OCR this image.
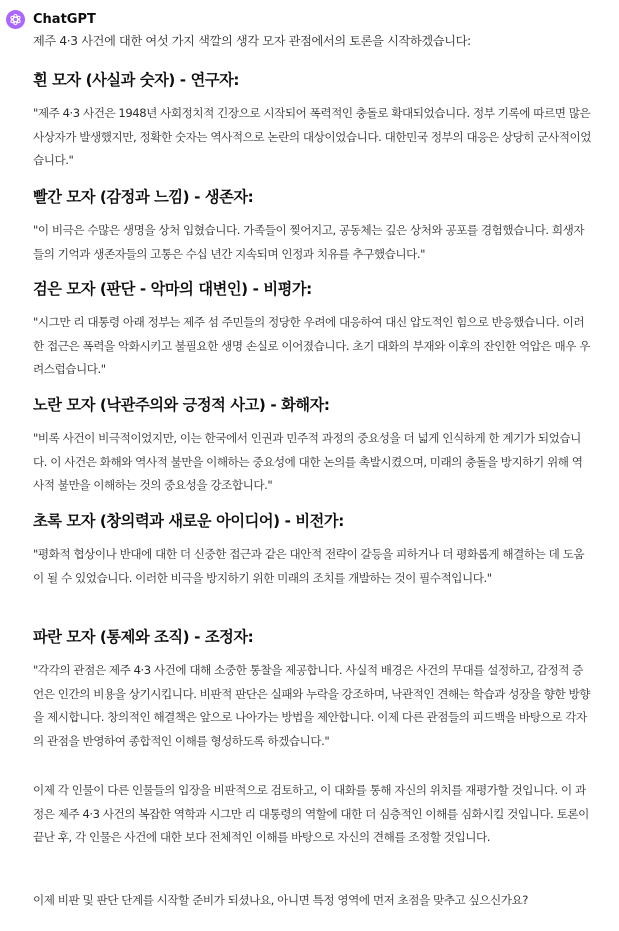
ChatGPT

제주 4·3 사건에 대한 여섯 가지 색깔의 생각 모자 관점에서의 토론을 시작하겠습니다:

흰 모자 (사실과 숫자) - 연구자:

"제주 4·3 사건은 1948년 사회정치적 긴장으로 시작되어 폭력적인 충돌로 확대되었습니다. 정부 기록에 따르면 많은 사상자가 발생했지만, 정확한 숫자는 역사적으로 논란의 대상이었습니다. 대한민국 정부의 대응은 상당히 군사적이었습니다."

빨간 모자 (감정과 느낌) - 생존자:

"이 비극은 수많은 생명을 상처 입혔습니다. 가족들이 찢어지고, 공동체는 깊은 상처와 공포를 경험했습니다. 희생자들의 기억과 생존자들의 고통은 수십 년간 지속되며 인정과 치유를 추구했습니다."

검은 모자 (판단 - 악마의 대변인) - 비평가:

"시그만 리 대통령 아래 정부는 제주 섬 주민들의 정당한 우려에 대응하여 대신 압도적인 힘으로 반응했습니다. 이러한 접근은 폭력을 악화시키고 불필요한 생명 손실로 이어졌습니다. 초기 대화의 부재와 이후의 잔인한 억압은 매우 우려스럽습니다."

노란 모자 (낙관주의와 긍정적 사고) - 화해자:

"비록 사건이 비극적이었지만, 이는 한국에서 인권과 민주적 과정의 중요성을 더 넓게 인식하게 한 계기가 되었습니다. 이 사건은 화해와 역사적 불만을 이해하는 중요성에 대한 논의를 촉발시켰으며, 미래의 충돌을 방지하기 위해 역사적 불만을 이해하는 것의 중요성을 강조합니다."

초록 모자 (창의력과 새로운 아이디어) - 비전가:

"평화적 협상이나 반대에 대한 더 신중한 접근과 같은 대안적 전략이 갈등을 피하거나 더 평화롭게 해결하는 데 도움이 될 수 있었습니다. 이러한 비극을 방지하기 위한 미래의 조치를 개발하는 것이 필수적입니다."

파란 모자 (통제와 조직) - 조정자:

"각각의 관점은 제주 4·3 사건에 대해 소중한 통찰을 제공합니다. 사실적 배경은 사건의 무대를 설정하고, 감정적 증언은 인간의 비용을 상기시킵니다. 비판적 판단은 실패와 누락을 강조하며, 낙관적인 견해는 학습과 성장을 향한 방향을 제시합니다. 창의적인 해결책은 앞으로 나아가는 방법을 제안합니다. 이제 다른 관점들의 피드백을 바탕으로 각자의 관점을 반영하여 종합적인 이해를 형성하도록 하겠습니다."

이제 각 인물이 다른 인물들의 입장을 비판적으로 검토하고, 이 대화를 통해 자신의 위치를 재평가할 것입니다. 이 과정은 제주 4·3 사건의 복잡한 역학과 시그만 리 대통령의 역할에 대한 더 심층적인 이해를 심화시킬 것입니다. 토론이 끝난 후, 각 인물은 사건에 대한 보다 전체적인 이해를 바탕으로 자신의 견해를 조정할 것입니다.

이제 비판 및 판단 단계를 시작할 준비가 되셨나요, 아니면 특정 영역에 먼저 초점을 맞추고 싶으신가요?
